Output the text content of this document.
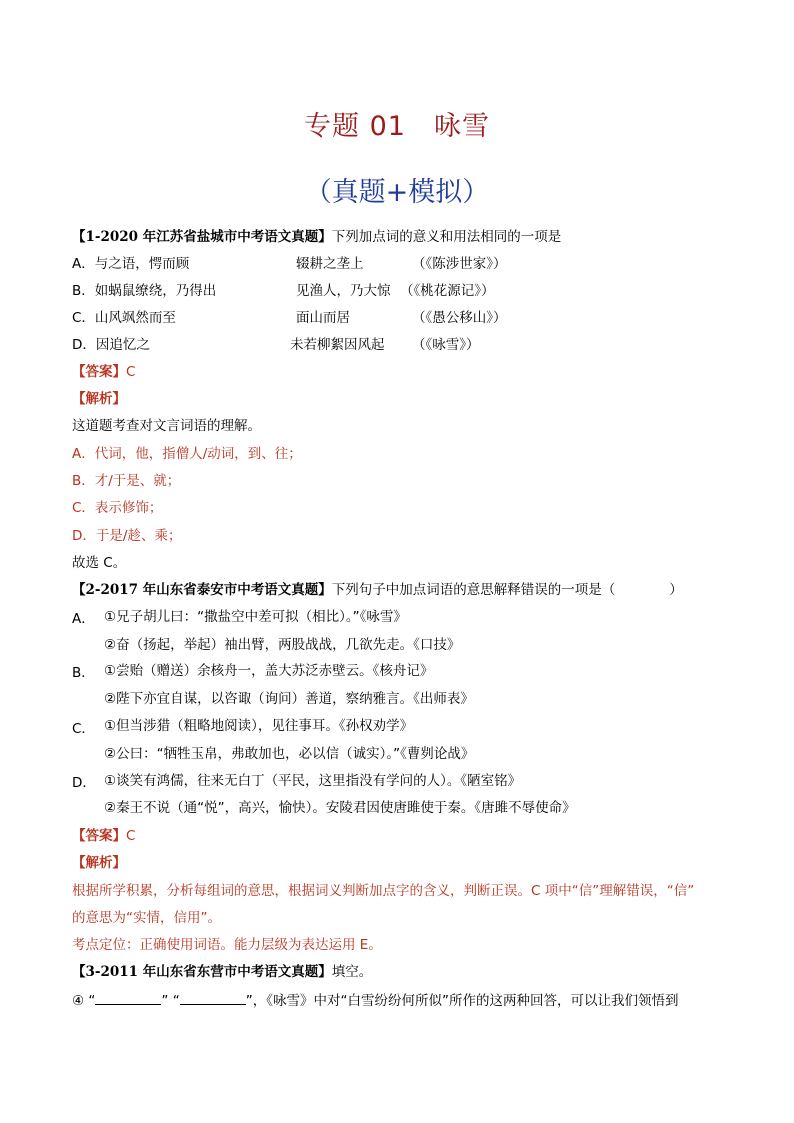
专题 01　咏雪
（真题+模拟）
【1-2020 年江苏省盐城市中考语文真题】下列加点词的意义和用法相同的一项是
A．与之语，愕而顾	辍耕之垄上	（《陈涉世家》）
B．如蜗鼠缭绕，乃得出	见渔人，乃大惊 （《桃花源记》）
C．山风飒然而至	面山而居	（《愚公移山》）
D．因追忆之	未若柳絮因风起 （《咏雪》）
【答案】C
【解析】
这道题考查对文言词语的理解。
A．代词，他，指僧人/动词，到、往；
B．才/于是、就；
C．表示修饰；
D．于是/趁、乘；
故选 C。
【2-2017 年山东省泰安市中考语文真题】下列句子中加点词语的意思解释错误的一项是（　　　　）
A． ①兄子胡儿曰：“撒盐空中差可拟（相比）。”《咏雪》
②奋（扬起，举起）袖出臂，两股战战，几欲先走。《口技》
B． ①尝贻（赠送）余核舟一，盖大苏泛赤壁云。《核舟记》
②陛下亦宜自谋，以咨诹（询问）善道，察纳雅言。《出师表》
C． ①但当涉猎（粗略地阅读），见往事耳。《孙权劝学》
②公曰：“牺牲玉帛，弗敢加也，必以信（诚实）。”《曹刿论战》
D． ①谈笑有鸿儒，往来无白丁（平民，这里指没有学问的人）。《陋室铭》
②秦王不说（通“悦”，高兴，愉快）。安陵君因使唐雎使于秦。《唐雎不辱使命》
【答案】C
【解析】
根据所学积累，分析每组词的意思，根据词义判断加点字的含义，判断正误。C 项中“信”理解错误，“信”
的意思为“实情，信用”。
考点定位：正确使用词语。能力层级为表达运用 E。
【3-2011 年山东省东营市中考语文真题】填空。
④ “	” “	”，《咏雪》中对“白雪纷纷何所似”所作的这两种回答，可以让我们领悟到
